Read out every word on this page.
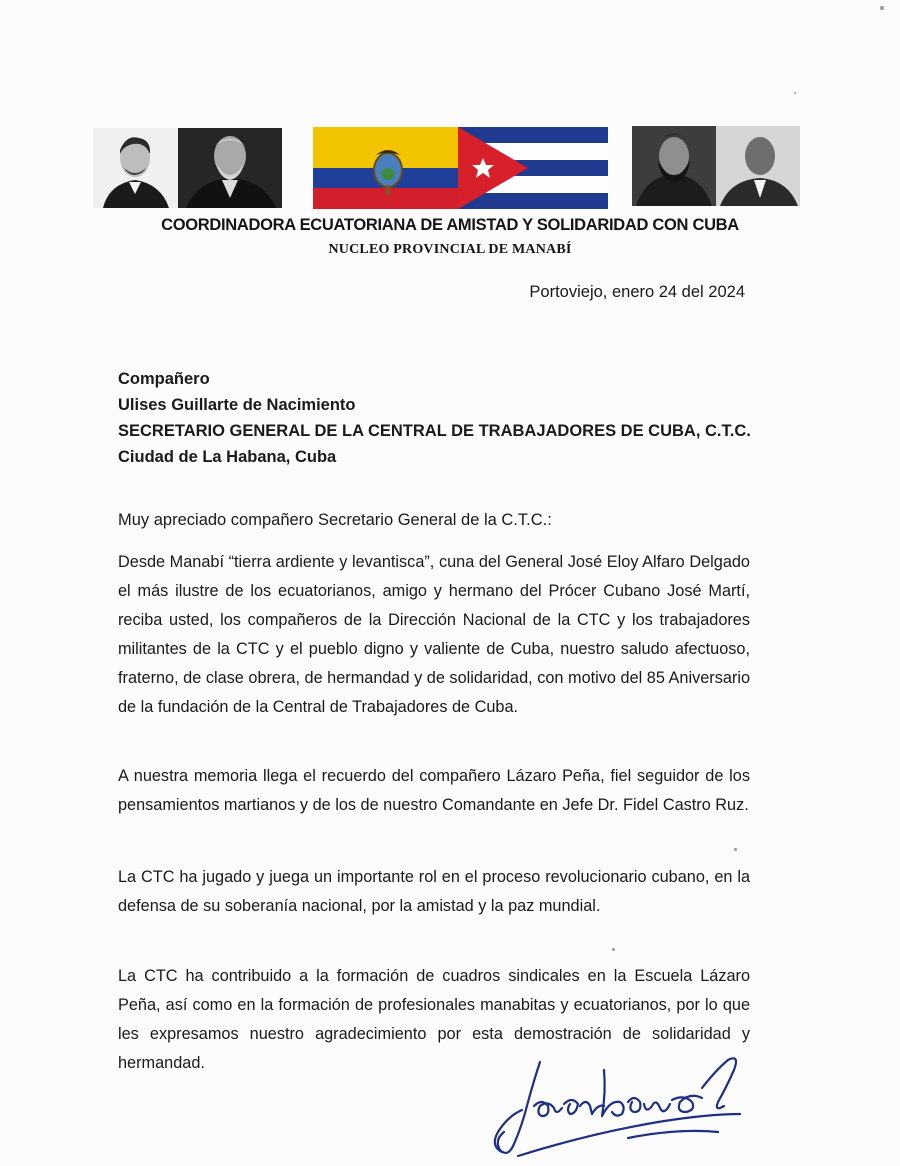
COORDINADORA ECUATORIANA DE AMISTAD Y SOLIDARIDAD CON CUBA
NUCLEO PROVINCIAL DE MANABÍ
Portoviejo, enero 24 del 2024
Compañero
Ulises Guillarte de Nacimiento
SECRETARIO GENERAL DE LA CENTRAL DE TRABAJADORES DE CUBA, C.T.C.
Ciudad de La Habana, Cuba
Muy apreciado compañero Secretario General de la C.T.C.:
Desde Manabí “tierra ardiente y levantisca”, cuna del General José Eloy Alfaro Delgado el más ilustre de los ecuatorianos, amigo y hermano del Prócer Cubano José Martí, reciba usted, los compañeros de la Dirección Nacional de la CTC y los trabajadores militantes de la CTC y el pueblo digno y valiente de Cuba, nuestro saludo afectuoso, fraterno, de clase obrera, de hermandad y de solidaridad, con motivo del 85 Aniversario de la fundación de la Central de Trabajadores de Cuba.
A nuestra memoria llega el recuerdo del compañero Lázaro Peña, fiel seguidor de los pensamientos martianos y de los de nuestro Comandante en Jefe Dr. Fidel Castro Ruz.
La CTC ha jugado y juega un importante rol en el proceso revolucionario cubano, en la defensa de su soberanía nacional, por la amistad y la paz mundial.
La CTC ha contribuido a la formación de cuadros sindicales en la Escuela Lázaro Peña, así como en la formación de profesionales manabitas y ecuatorianos, por lo que les expresamos nuestro agradecimiento por esta demostración de solidaridad y hermandad.
